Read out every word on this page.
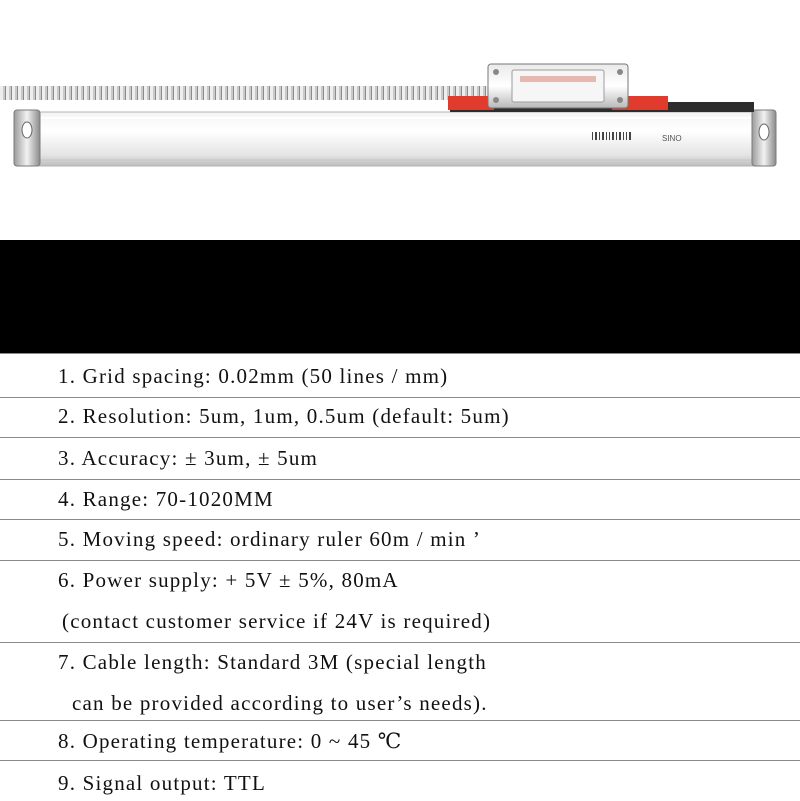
SINO
1. Grid spacing: 0.02mm (50 lines / mm)
2. Resolution: 5um, 1um, 0.5um (default: 5um)
3. Accuracy: ± 3um, ± 5um
4. Range: 70-1020MM
5. Moving speed: ordinary ruler 60m / min ’
6. Power supply: + 5V ± 5%, 80mA
(contact customer service if 24V is required)
7. Cable length: Standard 3M (special length
can be provided according to user’s needs).
8. Operating temperature: 0 ~ 45 ℃
9. Signal output: TTL
